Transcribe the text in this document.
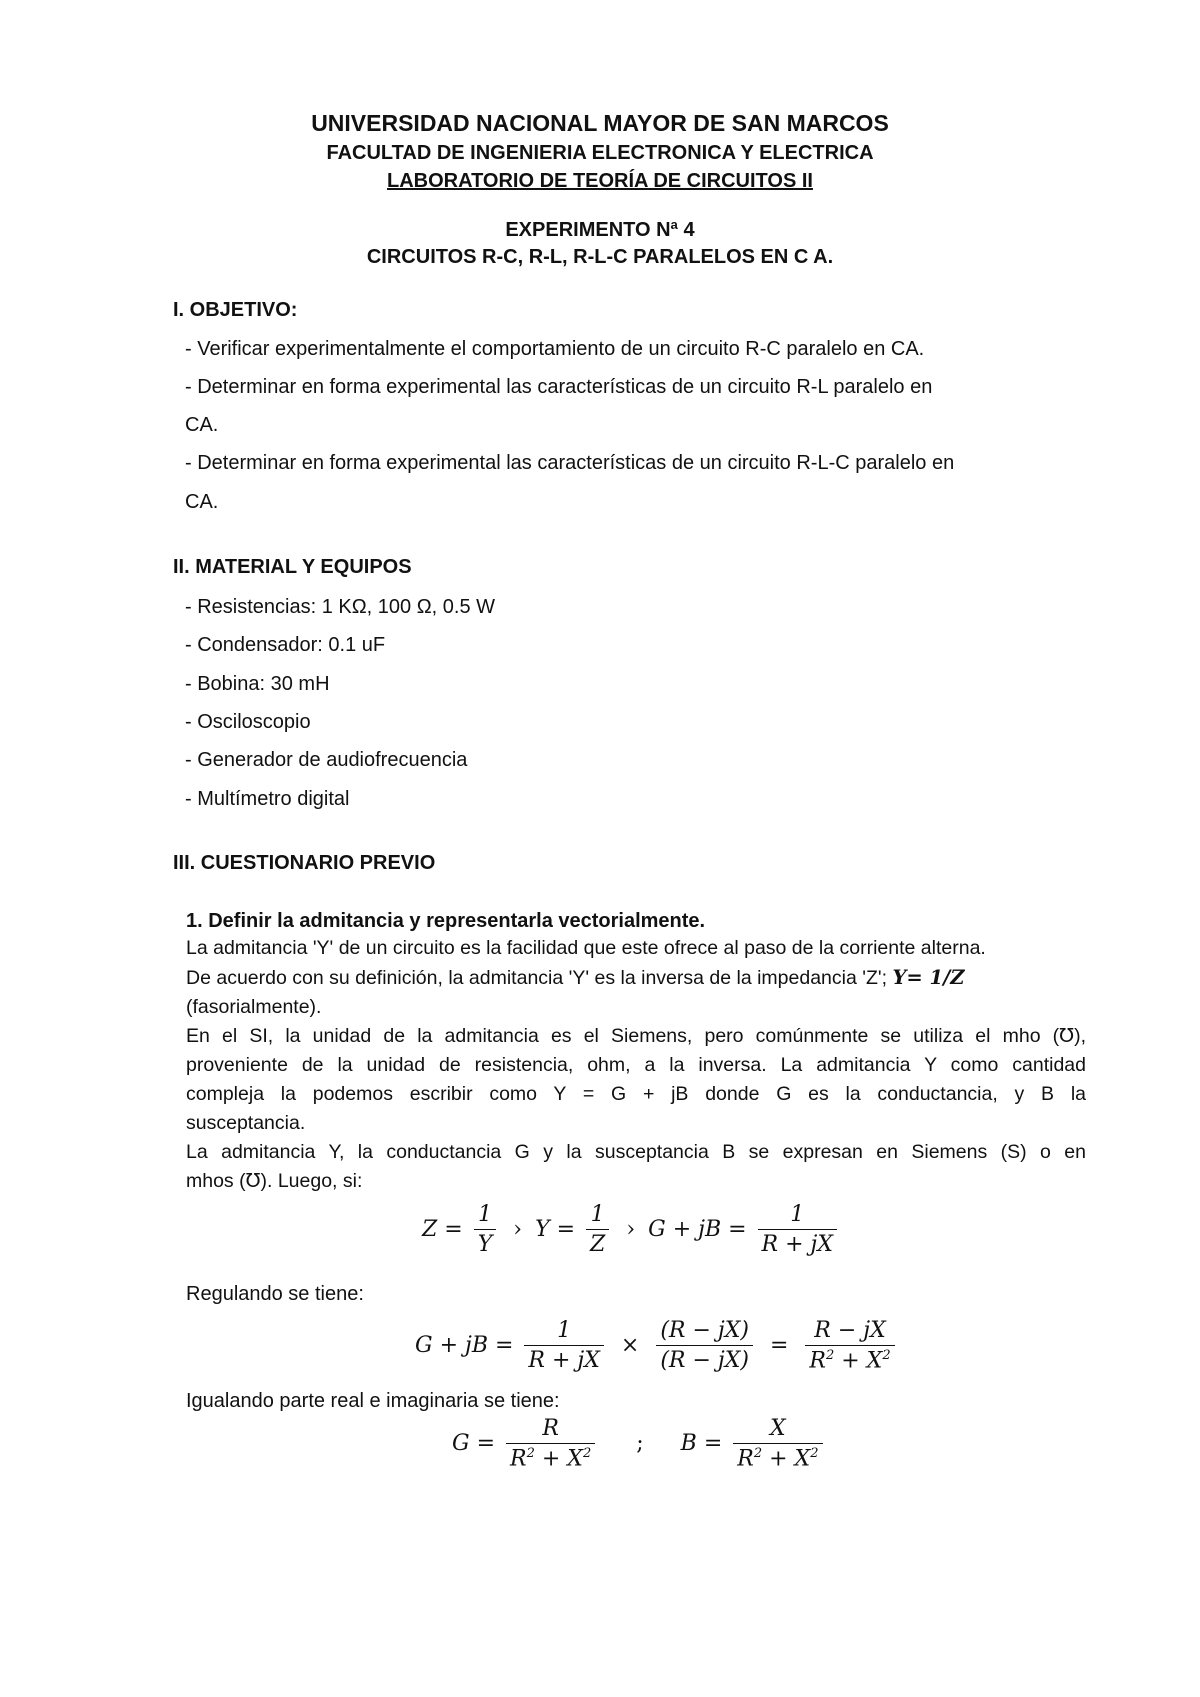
UNIVERSIDAD NACIONAL MAYOR DE SAN MARCOS
FACULTAD DE INGENIERIA ELECTRONICA Y ELECTRICA
LABORATORIO DE TEORÍA DE CIRCUITOS II
EXPERIMENTO Nª 4
CIRCUITOS R-C, R-L, R-L-C PARALELOS EN C A.
I. OBJETIVO:
- Verificar experimentalmente el comportamiento de un circuito R-C paralelo en CA.
- Determinar en forma experimental las características de un circuito R-L paralelo en
CA.
- Determinar en forma experimental las características de un circuito R-L-C paralelo en
CA.
II. MATERIAL Y EQUIPOS
- Resistencias: 1 KΩ, 100 Ω, 0.5 W
- Condensador: 0.1 uF
- Bobina: 30 mH
- Osciloscopio
- Generador de audiofrecuencia
- Multímetro digital
III. CUESTIONARIO PREVIO
1. Definir la admitancia y representarla vectorialmente.
La admitancia 'Y' de un circuito es la facilidad que este ofrece al paso de la corriente alterna.
De acuerdo con su definición, la admitancia 'Y' es la inversa de la impedancia 'Z'; Y= 1/Z
(fasorialmente).
En el SI, la unidad de la admitancia es el Siemens, pero comúnmente se utiliza el mho (℧),
proveniente de la unidad de resistencia, ohm, a la inversa. La admitancia Y como cantidad
compleja la podemos escribir como Y = G + jB donde G es la conductancia, y B la
susceptancia.
La admitancia Y, la conductancia G y la susceptancia B se expresan en Siemens (S) o en
mhos (℧). Luego, si:
$Z = \frac{1}{Y}$ › $Y = \frac{1}{Z}$ › G + jB = $\frac{1}{R + jX}$
Regulando se tiene:
G + jB = $\frac{1}{R + jX} \times \frac{(R - jX)}{(R - jX)} = \frac{R - jX}{R^2 + X^2}$
Igualando parte real e imaginaria se tiene:
$G = \frac{R}{R^2 + X^2}$ ; $B = \frac{X}{R^2 + X^2}$
